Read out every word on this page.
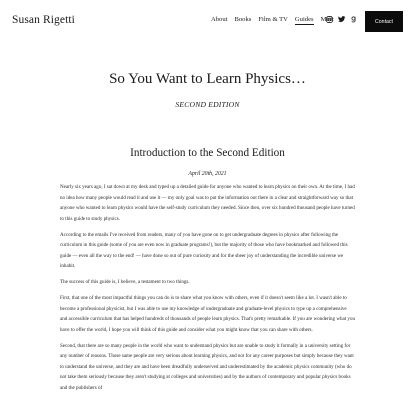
Susan Rigetti	About Books Film & TV Guides Misc	Contact
So You Want to Learn Physics…
SECOND EDITION
Introduction to the Second Edition
April 20th, 2021

Nearly six years ago, I sat down at my desk and typed up a detailed guide for anyone who wanted to learn physics on their own. At the time, I had no idea how many people would read it and use it — my only goal was to put the information out there in a clear and straightforward way so that anyone who wanted to learn physics would have the self-study curriculum they needed. Since then, over six hundred thousand people have turned to this guide to study physics.

According to the emails I've received from readers, many of you have gone on to get undergraduate degrees in physics after following the curriculum in this guide (some of you are even now in graduate programs!), but the majority of those who have bookmarked and followed this guide — even all the way to the end! — have done so out of pure curiosity and for the sheer joy of understanding the incredible universe we inhabit.

The success of this guide is, I believe, a testament to two things.

First, that one of the most impactful things you can do is to share what you know with others, even if it doesn't seem like a lot. I wasn't able to become a professional physicist, but I was able to use my knowledge of undergraduate and graduate-level physics to type up a comprehensive and accessible curriculum that has helped hundreds of thousands of people learn physics. That's pretty remarkable. If you are wondering what you have to offer the world, I hope you will think of this guide and consider what you might know that you can share with others.

Second, that there are so many people in the world who want to understand physics but are unable to study it formally in a university setting for any number of reasons. Those same people are very serious about learning physics, and not for any career purposes but simply because they want to understand the universe, and they are and have been dreadfully underserved and underestimated by the academic physics community (who do not take them seriously because they aren't studying at colleges and universities) and by the authors of contemporary and popular physics books and the publishers of
